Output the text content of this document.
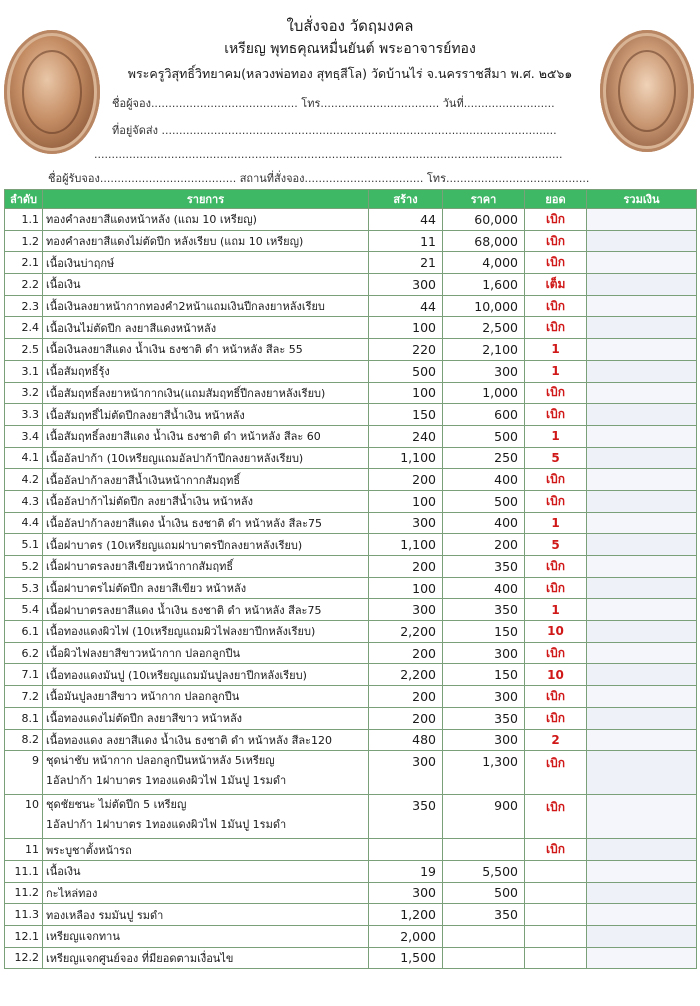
ใบสั่งจอง วัดฤมงคล
เหรียญ พุทธคุณหมื่นยันต์ พระอาจารย์ทอง
พระครูวิสุทธิ์วิทยาคม(หลวงพ่อทอง สุทธฺสีโล) วัดบ้านไร่ จ.นครราชสีมา พ.ศ. ๒๕๖๑
ชื่อผู้จอง.......................................... โทร.................................. วันที่..........................
ที่อยู่จัดส่ง .................................................................................................................
......................................................................................................................................
ชื่อผู้รับจอง....................................... สถานที่สั่งจอง.................................. โทร.........................................
ลำดับ	รายการ	สร้าง	ราคา	ยอด	รวมเงิน
1.1	ทองคำลงยาสีแดงหน้าหลัง (แถม 10 เหรียญ)	44	60,000	เบิก	
1.2	ทองคำลงยาสีแดงไม่ตัดปีก หลังเรียบ (แถม 10 เหรียญ)	11	68,000	เบิก	
2.1	เนื้อเงินบ่าฤกษ์	21	4,000	เบิก	
2.2	เนื้อเงิน	300	1,600	เต็ม	
2.3	เนื้อเงินลงยาหน้ากากทองคำ2หน้าแถมเงินปีกลงยาหลังเรียบ	44	10,000	เบิก	
2.4	เนื้อเงินไม่ตัดปีก ลงยาสีแดงหน้าหลัง	100	2,500	เบิก	
2.5	เนื้อเงินลงยาสีแดง น้ำเงิน ธงชาติ ดำ หน้าหลัง สีละ 55	220	2,100	1	
3.1	เนื้อสัมฤทธิ์รุ้ง	500	300	1	
3.2	เนื้อสัมฤทธิ์ลงยาหน้ากากเงิน(แถมสัมฤทธิ์ปีกลงยาหลังเรียบ)	100	1,000	เบิก	
3.3	เนื้อสัมฤทธิ์ไม่ตัดปีกลงยาสีน้ำเงิน หน้าหลัง	150	600	เบิก	
3.4	เนื้อสัมฤทธิ์ลงยาสีแดง น้ำเงิน ธงชาติ ดำ หน้าหลัง สีละ 60	240	500	1	
4.1	เนื้ออัลปาก้า (10เหรียญแถมอัลปาก้าปีกลงยาหลังเรียบ)	1,100	250	5	
4.2	เนื้ออัลปาก้าลงยาสีน้ำเงินหน้ากากสัมฤทธิ์	200	400	เบิก	
4.3	เนื้ออัลปาก้าไม่ตัดปีก ลงยาสีน้ำเงิน หน้าหลัง	100	500	เบิก	
4.4	เนื้ออัลปาก้าลงยาสีแดง น้ำเงิน ธงชาติ ดำ หน้าหลัง สีละ75	300	400	1	
5.1	เนื้อฝาบาตร (10เหรียญแถมฝาบาตรปีกลงยาหลังเรียบ)	1,100	200	5	
5.2	เนื้อฝาบาตรลงยาสีเขียวหน้ากากสัมฤทธิ์	200	350	เบิก	
5.3	เนื้อฝาบาตรไม่ตัดปีก ลงยาสีเขียว หน้าหลัง	100	400	เบิก	
5.4	เนื้อฝาบาตรลงยาสีแดง น้ำเงิน ธงชาติ ดำ หน้าหลัง สีละ75	300	350	1	
6.1	เนื้อทองแดงผิวไฟ (10เหรียญแถมผิวไฟลงยาปีกหลังเรียบ)	2,200	150	10	
6.2	เนื้อผิวไฟลงยาสีขาวหน้ากาก ปลอกลูกปืน	200	300	เบิก	
7.1	เนื้อทองแดงมันปู (10เหรียญแถมมันปูลงยาปีกหลังเรียบ)	2,200	150	10	
7.2	เนื้อมันปูลงยาสีขาว หน้ากาก ปลอกลูกปืน	200	300	เบิก	
8.1	เนื้อทองแดงไม่ตัดปีก ลงยาสีขาว หน้าหลัง	200	350	เบิก	
8.2	เนื้อทองแดง ลงยาสีแดง น้ำเงิน ธงชาติ ดำ หน้าหลัง สีละ120	480	300	2	
9	ชุดน่าชับ หน้ากาก ปลอกลูกปืนหน้าหลัง 5เหรียญ
1อัลปาก้า 1ฝาบาตร 1ทองแดงผิวไฟ 1มันปู 1รมดำ	300	1,300	เบิก	
10	ชุดชัยชนะ ไม่ตัดปีก 5 เหรียญ
1อัลปาก้า 1ฝาบาตร 1ทองแดงผิวไฟ 1มันปู 1รมดำ	350	900	เบิก	
11	พระบูชาตั้งหน้ารถ			เบิก	
11.1	เนื้อเงิน	19	5,500		
11.2	กะไหล่ทอง	300	500		
11.3	ทองเหลือง รมมันปู รมดำ	1,200	350		
12.1	เหรียญแจกทาน	2,000			
12.2	เหรียญแจกศูนย์จอง ที่มียอดตามเงื่อนไข	1,500			
